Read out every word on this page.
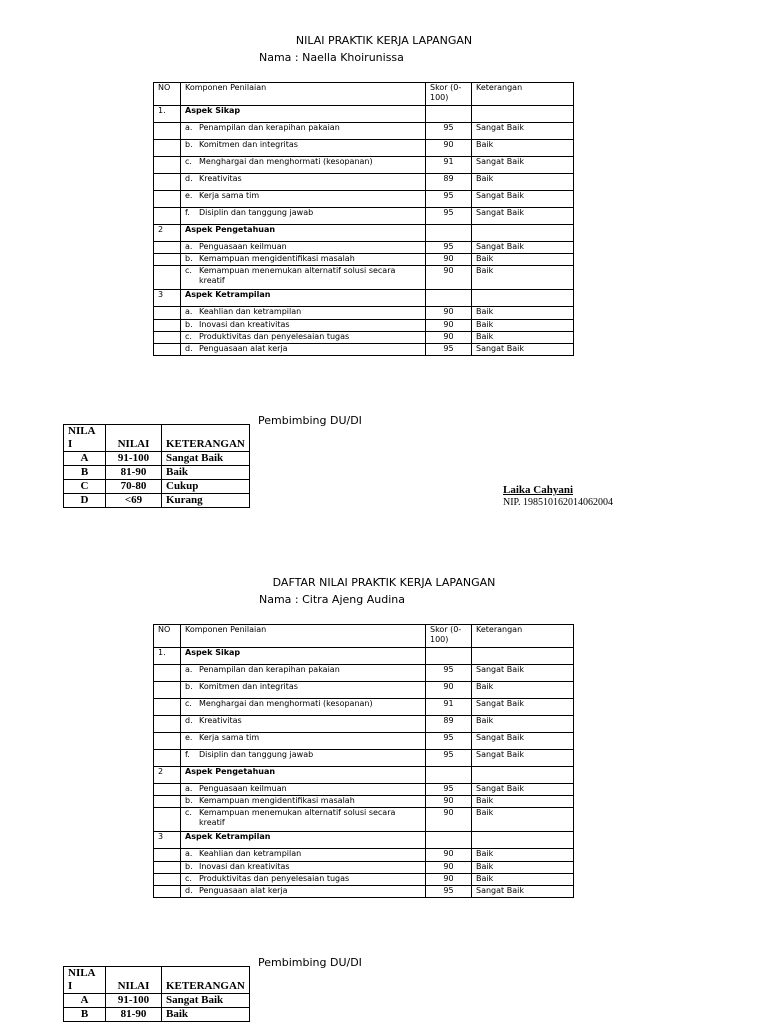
NILAI PRAKTIK KERJA LAPANGAN
Nama : Naella Khoirunissa
NO	Komponen Penilaian	Skor (0-100)	Keterangan
1.	Aspek Sikap		

	a. Penampilan dan kerapihan pakaian	95	Sangat Baik

	b. Komitmen dan integritas	90	Baik

	c. Menghargai dan menghormati (kesopanan)	91	Sangat Baik

	d. Kreativitas	89	Baik

	e. Kerja sama tim	95	Sangat Baik

	f. Disiplin dan tanggung jawab	95	Sangat Baik
2	Aspek Pengetahuan		

	a. Penguasaan keilmuan	95	Sangat Baik

	b. Kemampuan mengidentifikasi masalah	90	Baik

	c. Kemampuan menemukan alternatif solusi secara kreatif	90	Baik
3	Aspek Ketrampilan		

	a. Keahlian dan ketrampilan	90	Baik

	b. Inovasi dan kreativitas	90	Baik

	c. Produktivitas dan penyelesaian tugas	90	Baik

	d. Penguasaan alat kerja	95	Sangat Baik
Pembimbing DU/DI
NILA I	NILAI	KETERANGAN
A	91-100	Sangat Baik
B	81-90	Baik
C	70-80	Cukup
D	<69	Kurang
Laika Cahyani
NIP. 198510162014062004
DAFTAR NILAI PRAKTIK KERJA LAPANGAN
Nama : Citra Ajeng Audina
NO	Komponen Penilaian	Skor (0-100)	Keterangan
1.	Aspek Sikap		

	a. Penampilan dan kerapihan pakaian	95	Sangat Baik

	b. Komitmen dan integritas	90	Baik

	c. Menghargai dan menghormati (kesopanan)	91	Sangat Baik

	d. Kreativitas	89	Baik

	e. Kerja sama tim	95	Sangat Baik

	f. Disiplin dan tanggung jawab	95	Sangat Baik
2	Aspek Pengetahuan		

	a. Penguasaan keilmuan	95	Sangat Baik

	b. Kemampuan mengidentifikasi masalah	90	Baik

	c. Kemampuan menemukan alternatif solusi secara kreatif	90	Baik
3	Aspek Ketrampilan		

	a. Keahlian dan ketrampilan	90	Baik

	b. Inovasi dan kreativitas	90	Baik

	c. Produktivitas dan penyelesaian tugas	90	Baik

	d. Penguasaan alat kerja	95	Sangat Baik
Pembimbing DU/DI
NILA I	NILAI	KETERANGAN
A	91-100	Sangat Baik
B	81-90	Baik
